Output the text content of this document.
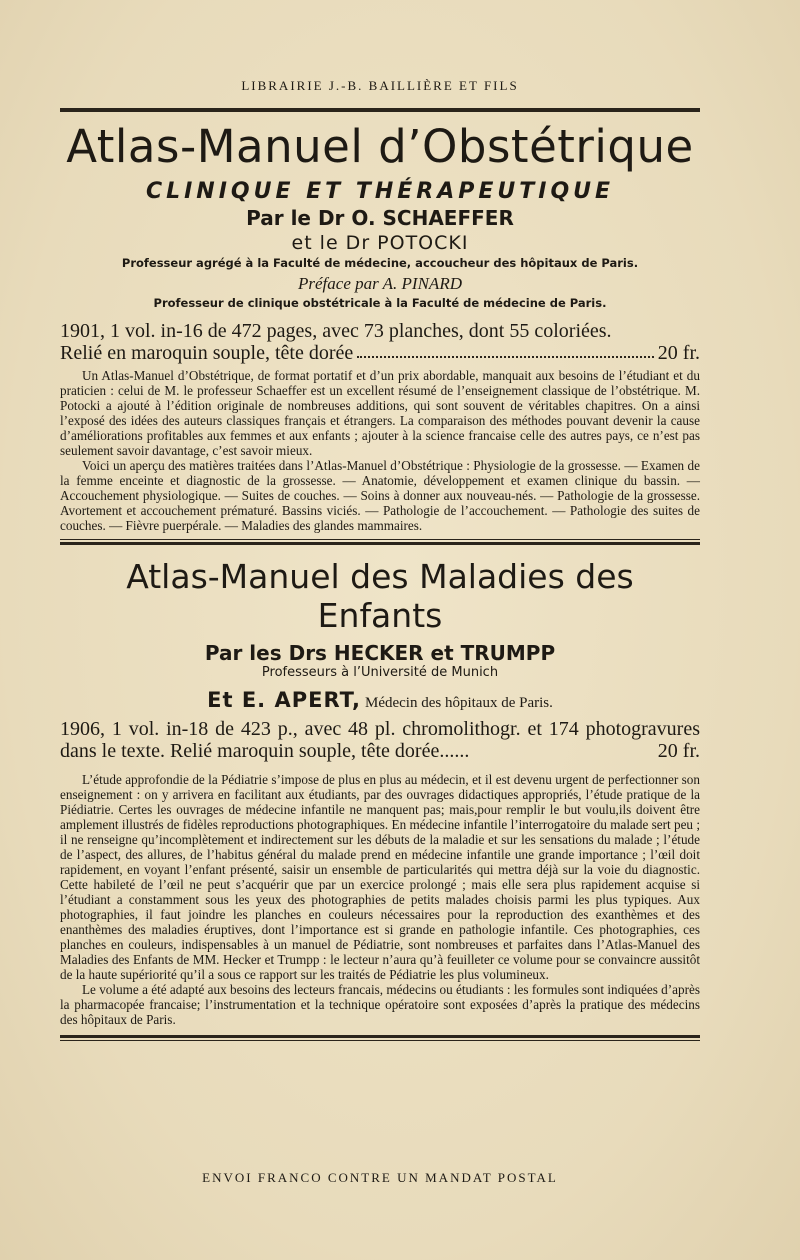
LIBRAIRIE J.-B. BAILLIÈRE ET FILS
Atlas-Manuel d’Obstétrique
CLINIQUE ET THÉRAPEUTIQUE
Par le Dr O. SCHAEFFER
et le Dr POTOCKI
Professeur agrégé à la Faculté de médecine, accoucheur des hôpitaux de Paris.
Préface par A. PINARD
Professeur de clinique obstétricale à la Faculté de médecine de Paris.
1901, 1 vol. in-16 de 472 pages, avec 73 planches, dont 55 coloriées.
Relié en maroquin souple, tête dorée	20 fr.

Un Atlas-Manuel d’Obstétrique, de format portatif et d’un prix abordable, manquait aux besoins de l’étudiant et du praticien : celui de M. le professeur Schaeffer est un excellent résumé de l’enseignement classique de l’obstétrique. M. Potocki a ajouté à l’édition originale de nombreuses additions, qui sont souvent de véritables chapitres. On a ainsi l’exposé des idées des auteurs classiques français et étrangers. La comparaison des méthodes pouvant devenir la cause d’améliorations profitables aux femmes et aux enfants ; ajouter à la science francaise celle des autres pays, ce n’est pas seulement savoir davantage, c’est savoir mieux.

Voici un aperçu des matières traitées dans l’Atlas-Manuel d’Obstétrique : Physiologie de la grossesse. — Examen de la femme enceinte et diagnostic de la grossesse. — Anatomie, développement et examen clinique du bassin. — Accouchement physiologique. — Suites de couches. — Soins à donner aux nouveau-nés. — Pathologie de la grossesse. Avortement et accouchement prématuré. Bassins viciés. — Pathologie de l’accouchement. — Pathologie des suites de couches. — Fièvre puerpérale. — Maladies des glandes mammaires.

Atlas-Manuel des Maladies des Enfants
Par les Drs HECKER et TRUMPP
Professeurs à l’Université de Munich
Et E. APERT, Médecin des hôpitaux de Paris.
1906, 1 vol. in-18 de 423 p., avec 48 pl. chromolithogr. et 174 photogravures dans le texte. Relié maroquin souple, tête dorée......	20 fr.

L’étude approfondie de la Pédiatrie s’impose de plus en plus au médecin, et il est devenu urgent de perfectionner son enseignement : on y arrivera en facilitant aux étudiants, par des ouvrages didactiques appropriés, l’étude pratique de la Piédiatrie. Certes les ouvrages de médecine infantile ne manquent pas; mais,pour remplir le but voulu,ils doivent être amplement illustrés de fidèles reproductions photographiques. En médecine infantile l’interrogatoire du malade sert peu ; il ne renseigne qu’incomplètement et indirectement sur les débuts de la maladie et sur les sensations du malade ; l’étude de l’aspect, des allures, de l’habitus général du malade prend en médecine infantile une grande importance ; l’œil doit rapidement, en voyant l’enfant présenté, saisir un ensemble de particularités qui mettra déjà sur la voie du diagnostic. Cette habileté de l’œil ne peut s’acquérir que par un exercice prolongé ; mais elle sera plus rapidement acquise si l’étudiant a constamment sous les yeux des photographies de petits malades choisis parmi les plus typiques. Aux photographies, il faut joindre les planches en couleurs nécessaires pour la reproduction des exanthèmes et des enanthèmes des maladies éruptives, dont l’importance est si grande en pathologie infantile. Ces photographies, ces planches en couleurs, indispensables à un manuel de Pédiatrie, sont nombreuses et parfaites dans l’Atlas-Manuel des Maladies des Enfants de MM. Hecker et Trumpp : le lecteur n’aura qu’à feuilleter ce volume pour se convaincre aussitôt de la haute supériorité qu’il a sous ce rapport sur les traités de Pédiatrie les plus volumineux.

Le volume a été adapté aux besoins des lecteurs francais, médecins ou étudiants : les formules sont indiquées d’après la pharmacopée francaise; l’instrumentation et la technique opératoire sont exposées d’après la pratique des médecins des hôpitaux de Paris.

ENVOI FRANCO CONTRE UN MANDAT POSTAL
